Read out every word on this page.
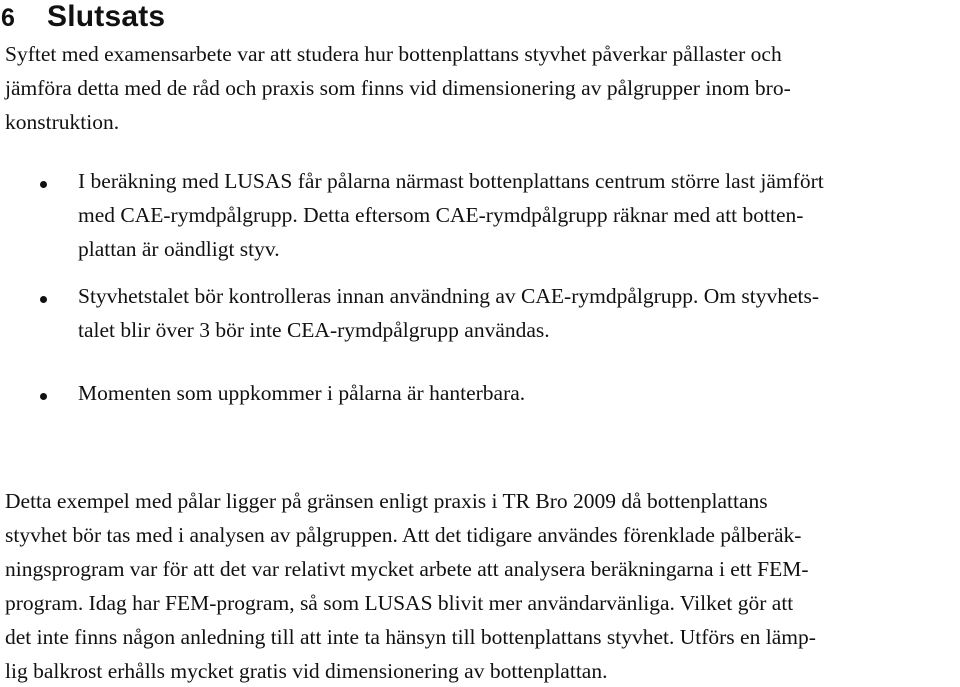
6	Slutsats

Syftet med examensarbete var att studera hur bottenplattans styvhet påverkar pållaster och

jämföra detta med de råd och praxis som finns vid dimensionering av pålgrupper inom bro-

konstruktion.

I beräkning med LUSAS får pålarna närmast bottenplattans centrum större last jämfört

med CAE-rymdpålgrupp. Detta eftersom CAE-rymdpålgrupp räknar med att botten-

plattan är oändligt styv.

Styvhetstalet bör kontrolleras innan användning av CAE-rymdpålgrupp. Om styvhets-

talet blir över 3 bör inte CEA-rymdpålgrupp användas.

Momenten som uppkommer i pålarna är hanterbara.

Detta exempel med pålar ligger på gränsen enligt praxis i TR Bro 2009 då bottenplattans

styvhet bör tas med i analysen av pålgruppen. Att det tidigare användes förenklade pålberäk-

ningsprogram var för att det var relativt mycket arbete att analysera beräkningarna i ett FEM-

program. Idag har FEM-program, så som LUSAS blivit mer användarvänliga. Vilket gör att

det inte finns någon anledning till att inte ta hänsyn till bottenplattans styvhet. Utförs en lämp-

lig balkrost erhålls mycket gratis vid dimensionering av bottenplattan.
